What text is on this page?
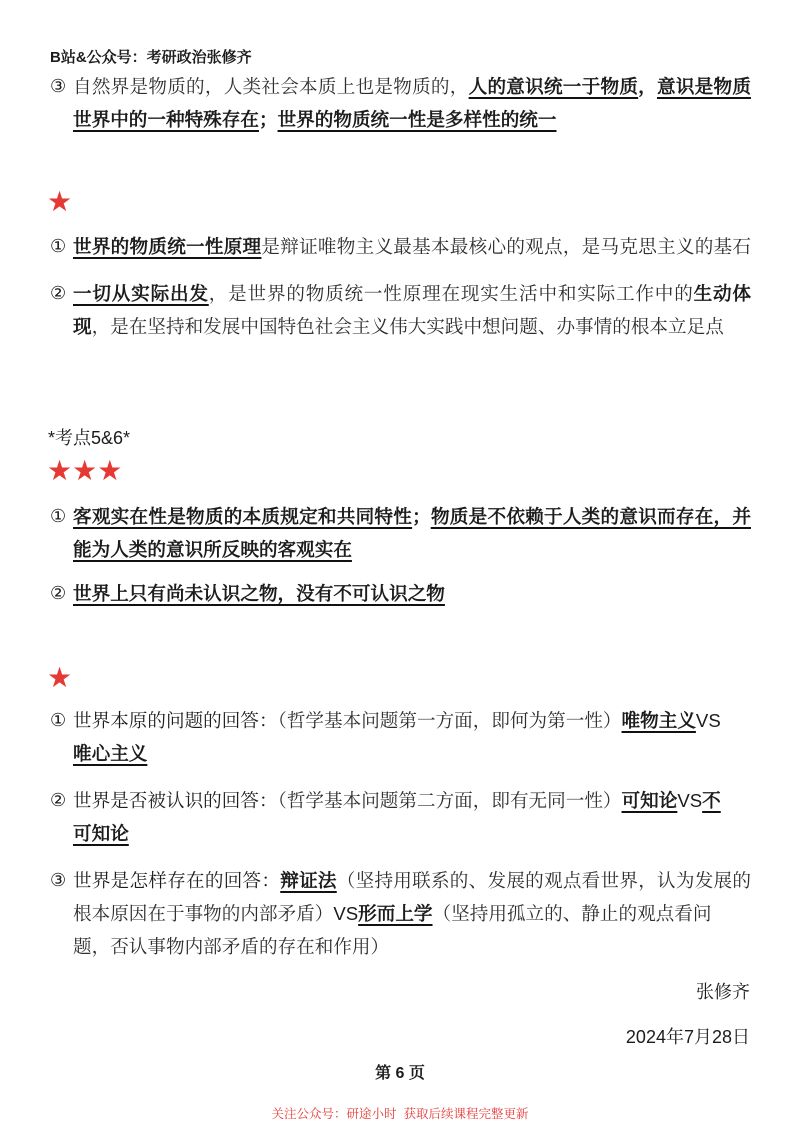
B站&公众号：考研政治张修齐
③ 自然界是物质的，人类社会本质上也是物质的，人的意识统一于物质，意识是物质
世界中的一种特殊存在；世界的物质统一性是多样性的统一
★
① 世界的物质统一性原理是辩证唯物主义最基本最核心的观点，是马克思主义的基石
② 一切从实际出发，是世界的物质统一性原理在现实生活中和实际工作中的生动体
现，是在坚持和发展中国特色社会主义伟大实践中想问题、办事情的根本立足点
*考点5&6*
★★★
① 客观实在性是物质的本质规定和共同特性；物质是不依赖于人类的意识而存在，并
能为人类的意识所反映的客观实在
② 世界上只有尚未认识之物，没有不可认识之物
★
① 世界本原的问题的回答：（哲学基本问题第一方面，即何为第一性）唯物主义VS
唯心主义
② 世界是否被认识的回答：（哲学基本问题第二方面，即有无同一性）可知论VS不
可知论
③ 世界是怎样存在的回答：辩证法（坚持用联系的、发展的观点看世界，认为发展的
根本原因在于事物的内部矛盾）VS形而上学（坚持用孤立的、静止的观点看问
题，否认事物内部矛盾的存在和作用）
张修齐
2024年7月28日
第 6 页
关注公众号：研途小时  获取后续课程完整更新
